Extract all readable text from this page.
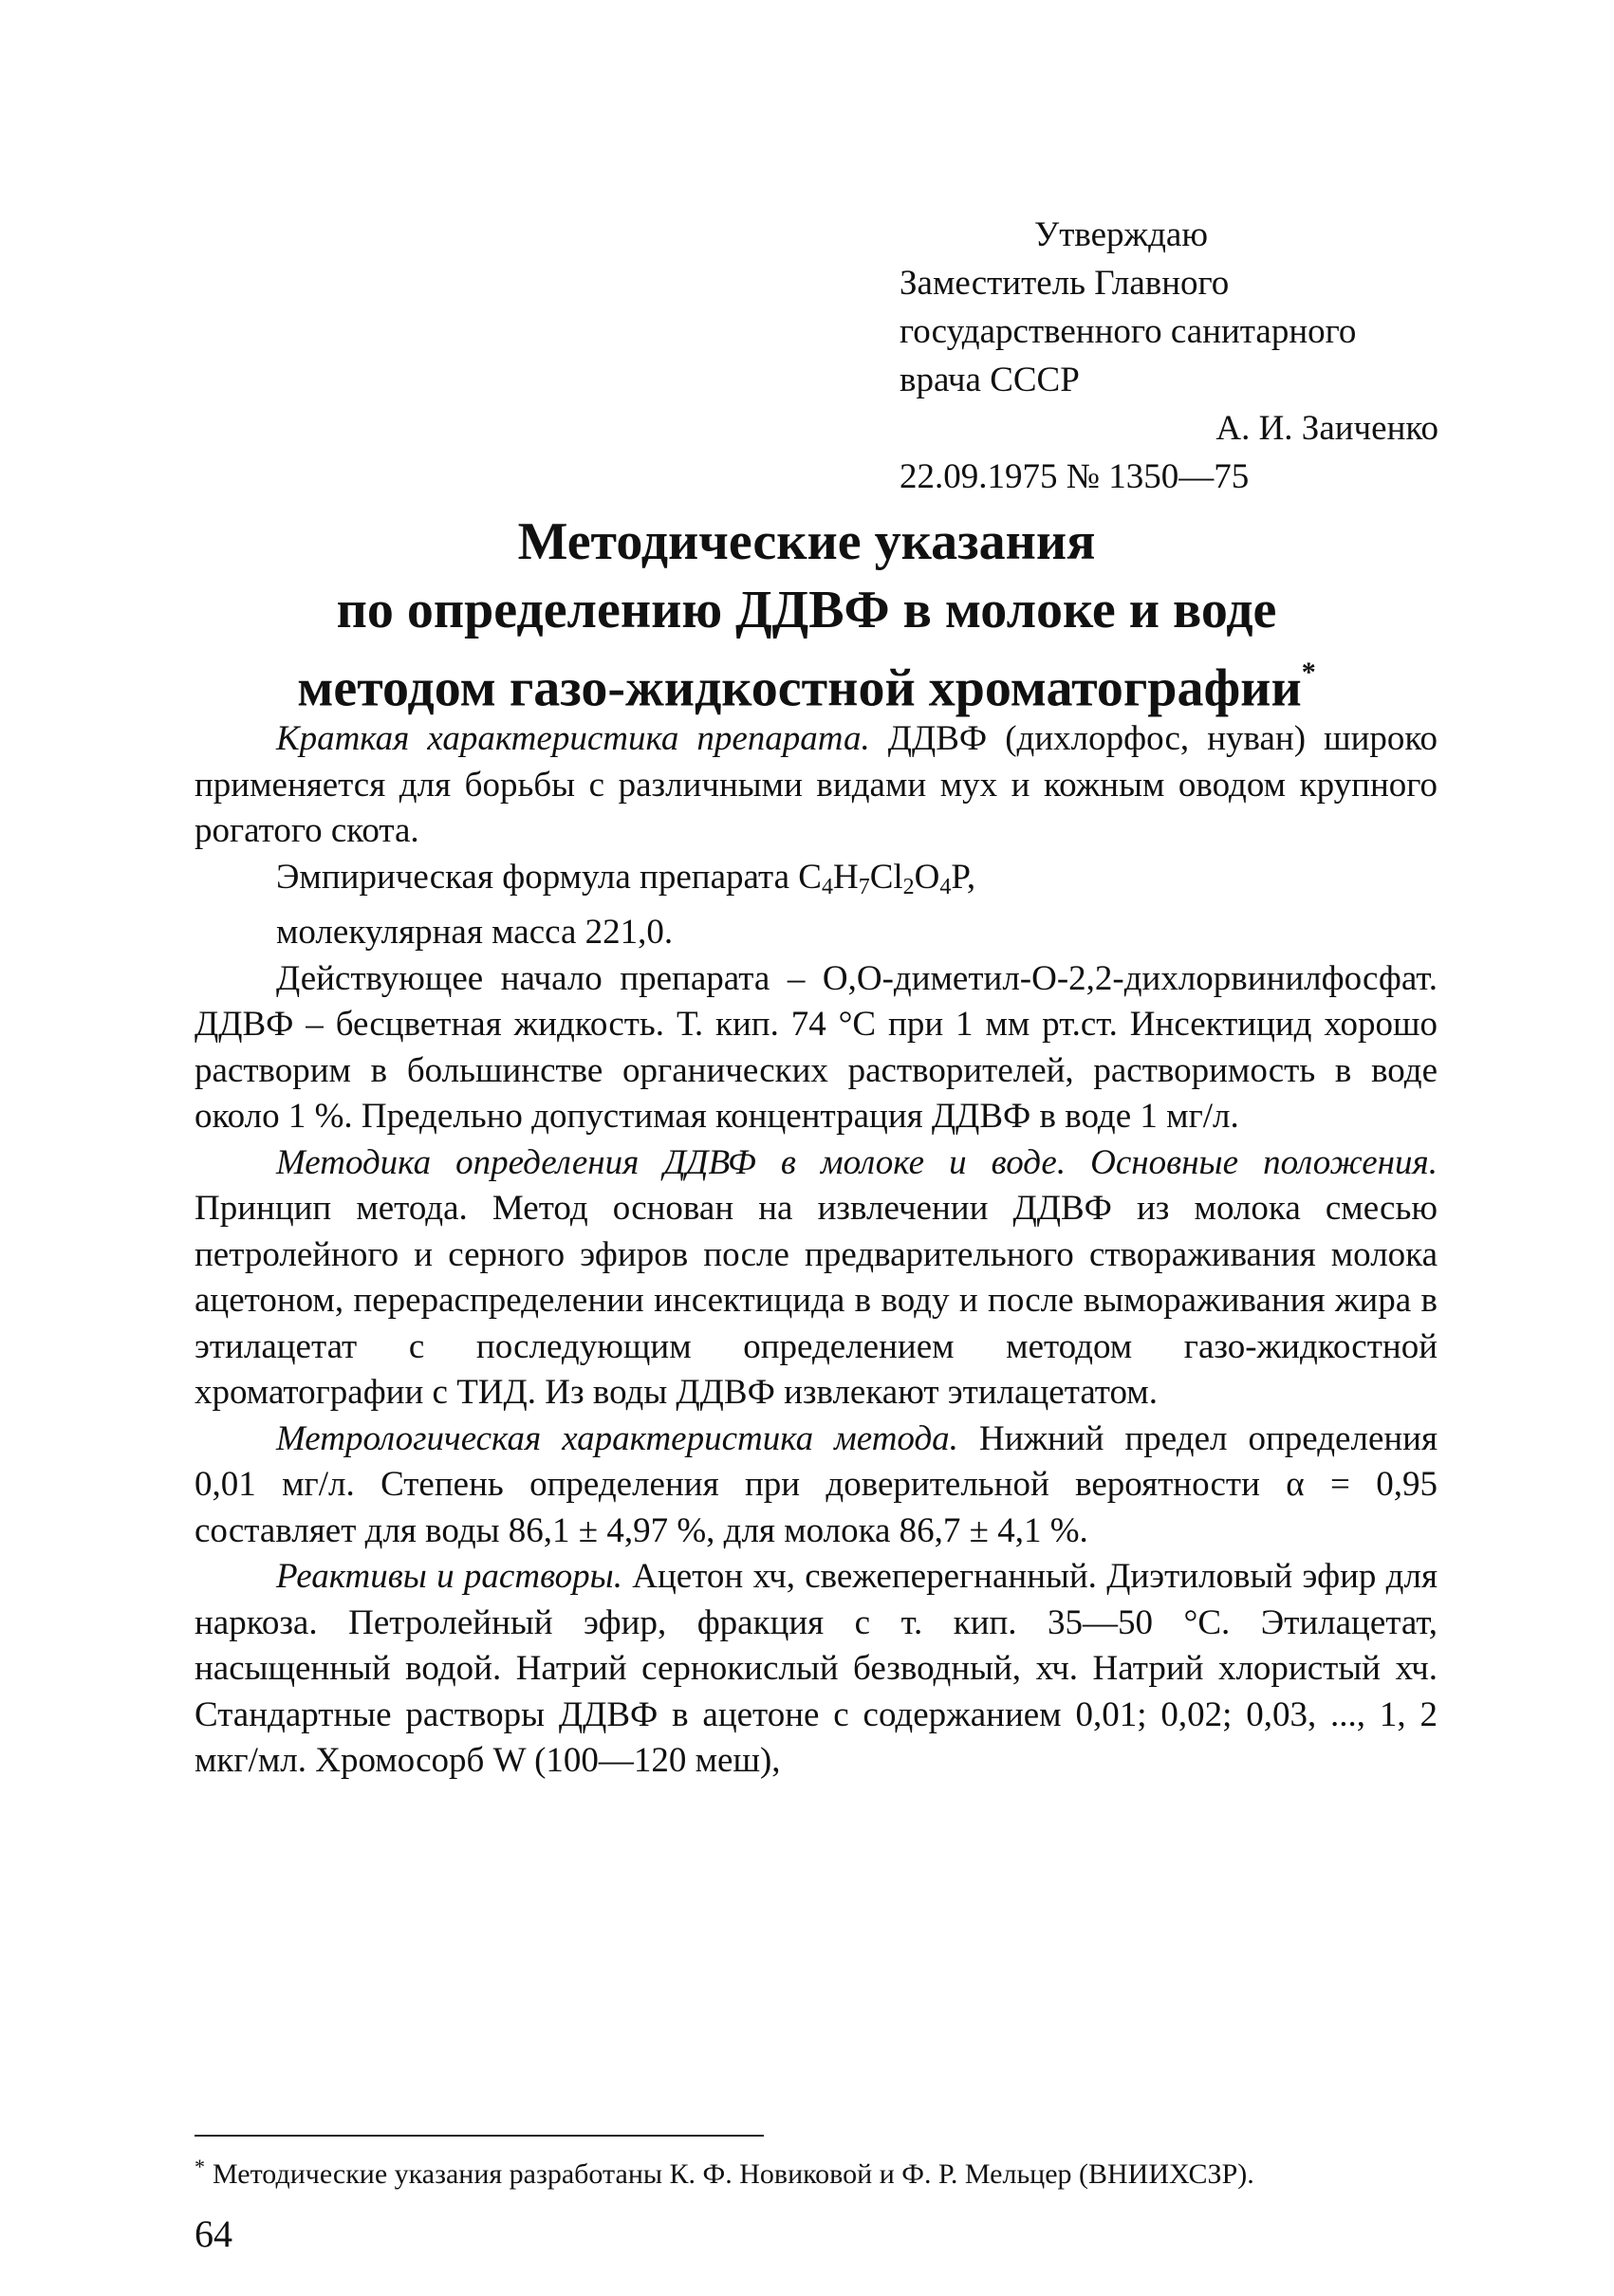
Утверждаю
Заместитель Главного
государственного санитарного
врача СССР
А. И. Заиченко
22.09.1975 № 1350—75
Методические указания
по определению ДДВФ в молоке и воде
методом газо-жидкостной хроматографии*

Краткая характеристика препарата. ДДВФ (дихлорфос, нуван) широко применяется для борьбы с различными видами мух и кожным оводом крупного рогатого скота.

Эмпирическая формула препарата $C_4H_7Cl_2O_4P$,

молекулярная масса 221,0.

Действующее начало препарата – О,О-диметил-О-2,2-дихлорвинилфосфат. ДДВФ – бесцветная жидкость. Т. кип. 74 °С при 1 мм рт.ст. Инсектицид хорошо растворим в большинстве органических растворителей, растворимость в воде около 1 %. Предельно допустимая концентрация ДДВФ в воде 1 мг/л.

Методика определения ДДВФ в молоке и воде. Основные положения. Принцип метода. Метод основан на извлечении ДДВФ из молока смесью петролейного и серного эфиров после предварительного створаживания молока ацетоном, перераспределении инсектицида в воду и после вымораживания жира в этилацетат с последующим определением методом газо-жидкостной хроматографии с ТИД. Из воды ДДВФ извлекают этилацетатом.

Метрологическая характеристика метода. Нижний предел определения 0,01 мг/л. Степень определения при доверительной вероятности α = 0,95 составляет для воды 86,1 ± 4,97 %, для молока 86,7 ± 4,1 %.

Реактивы и растворы. Ацетон хч, свежеперегнанный. Диэтиловый эфир для наркоза. Петролейный эфир, фракция с т. кип. 35—50 °С. Этилацетат, насыщенный водой. Натрий сернокислый безводный, хч. Натрий хлористый хч. Стандартные растворы ДДВФ в ацетоне с содержанием 0,01; 0,02; 0,03, ..., 1, 2 мкг/мл. Хромосорб W (100—120 меш),

* Методические указания разработаны К. Ф. Новиковой и Ф. Р. Мельцер (ВНИИХСЗР).
64
